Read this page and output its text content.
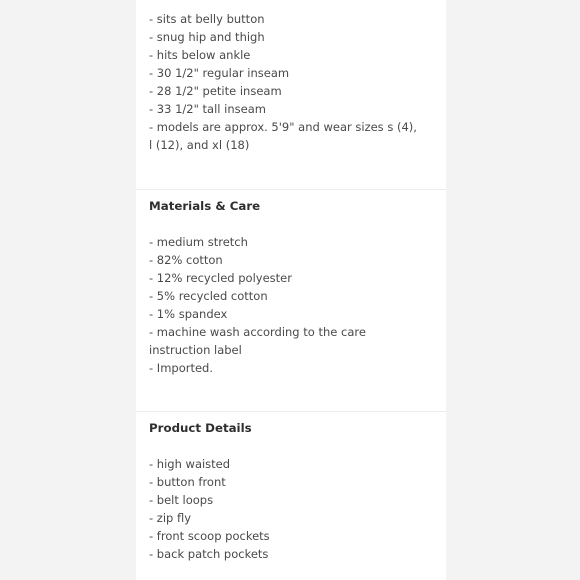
- sits at belly button
- snug hip and thigh
- hits below ankle
- 30 1/2" regular inseam
- 28 1/2" petite inseam
- 33 1/2" tall inseam
- models are approx. 5'9" and wear sizes s (4), l (12), and xl (18)
Materials & Care
- medium stretch
- 82% cotton
- 12% recycled polyester
- 5% recycled cotton
- 1% spandex
- machine wash according to the care instruction label
- Imported.
Product Details
- high waisted
- button front
- belt loops
- zip fly
- front scoop pockets
- back patch pockets
